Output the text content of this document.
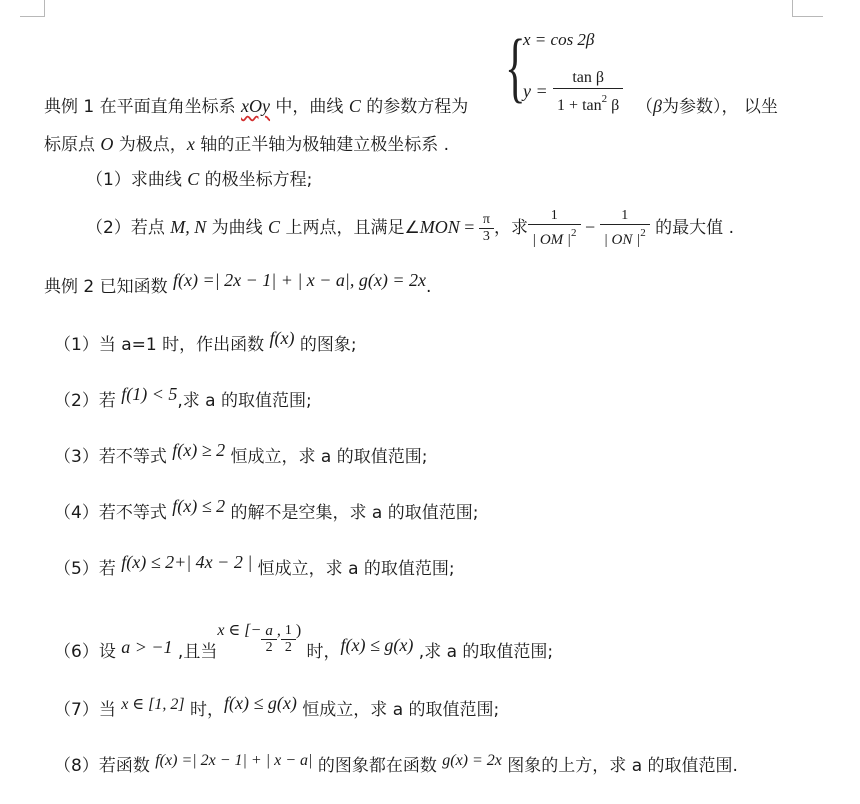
{
x = cos 2β
$y = \frac{\text{tan β}}{1 + \tan^2 \beta}$
典例 1 在平面直角坐标系 xOy 中，曲线 C 的参数方程为	（β为参数）， 以坐
标原点 O 为极点，x 轴的正半轴为极轴建立极坐标系 .
（1）求曲线 C 的极坐标方程;
（2）若点 M, N 为曲线 C 上两点，且满足∠MON = $\frac{\pi}{3}$ ，求 $\frac{1}{| OM |^2} - \frac{1}{| ON |^2}$ 的最大值 .
典例 2 已知函数 f(x) =| 2x − 1| + | x − a|, g(x) = 2x.
（1）当 a=1 时，作出函数 f(x) 的图象;
（2）若 f(1) < 5,求 a 的取值范围;
（3）若不等式 f(x) ≥ 2 恒成立，求 a 的取值范围;
（4）若不等式 f(x) ≤ 2 的解不是空集，求 a 的取值范围;
（5）若 f(x) ≤ 2+| 4x − 2 | 恒成立，求 a 的取值范围;
（6）设 a > −1 ,且当x ∈ [− $\frac{a}{2}$ , $\frac{1}{2}$ ) 时，f(x) ≤ g(x) ,求 a 的取值范围;
（7）当 x ∈ [1, 2] 时，f(x) ≤ g(x) 恒成立，求 a 的取值范围;
（8）若函数 f(x) =| 2x − 1| + | x − a| 的图象都在函数 g(x) = 2x 图象的上方，求 a 的取值范围.
